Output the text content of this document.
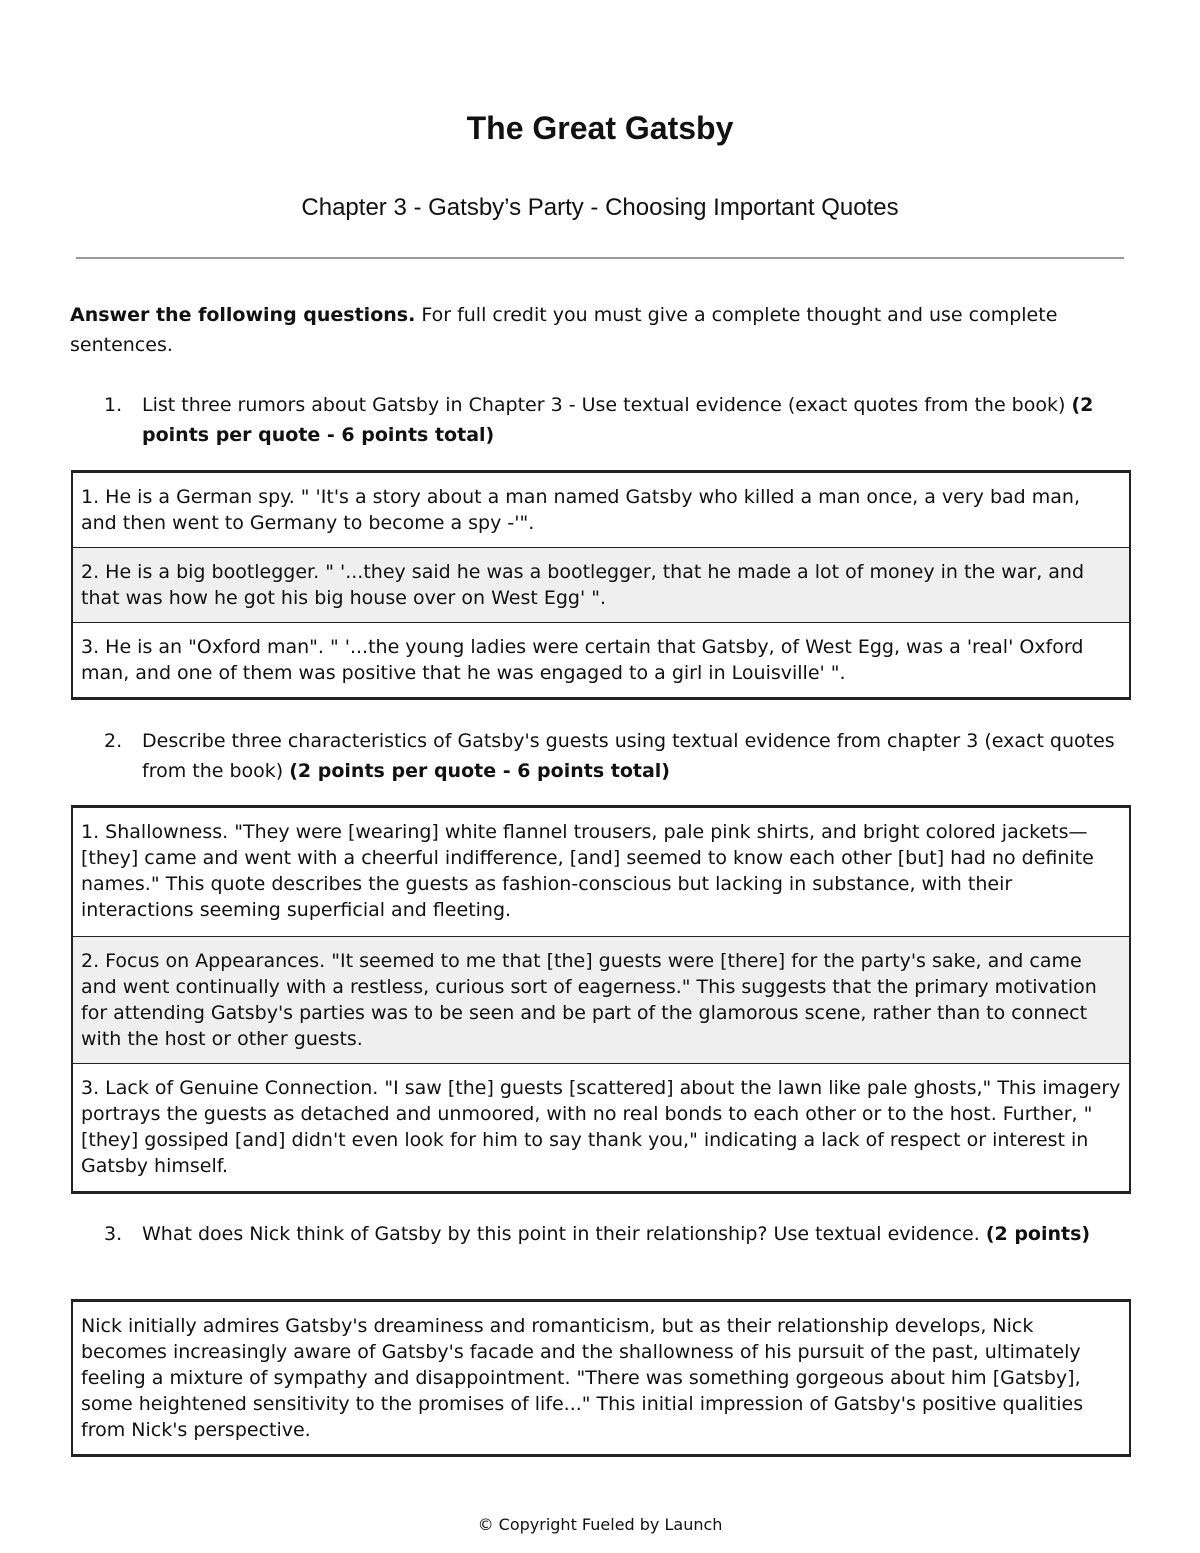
The Great Gatsby
Chapter 3 - Gatsby’s Party - Choosing Important Quotes
Answer the following questions. For full credit you must give a complete thought and use complete sentences.
1.	List three rumors about Gatsby in Chapter 3 - Use textual evidence (exact quotes from the book) (2 points per quote - 6 points total)
1. He is a German spy. " 'It's a story about a man named Gatsby who killed a man once, a very bad man, and then went to Germany to become a spy -'".
2. He is a big bootlegger. " '...they said he was a bootlegger, that he made a lot of money in the war, and that was how he got his big house over on West Egg' ".
3. He is an "Oxford man". " '...the young ladies were certain that Gatsby, of West Egg, was a 'real' Oxford man, and one of them was positive that he was engaged to a girl in Louisville' ".
2.	Describe three characteristics of Gatsby's guests using textual evidence from chapter 3 (exact quotes from the book) (2 points per quote - 6 points total)
1. Shallowness. "They were [wearing] white flannel trousers, pale pink shirts, and bright colored jackets—[they] came and went with a cheerful indifference, [and] seemed to know each other [but] had no definite names." This quote describes the guests as fashion-conscious but lacking in substance, with their interactions seeming superficial and fleeting.
2. Focus on Appearances. "It seemed to me that [the] guests were [there] for the party's sake, and came and went continually with a restless, curious sort of eagerness." This suggests that the primary motivation for attending Gatsby's parties was to be seen and be part of the glamorous scene, rather than to connect with the host or other guests.
3. Lack of Genuine Connection. "I saw [the] guests [scattered] about the lawn like pale ghosts," This imagery portrays the guests as detached and unmoored, with no real bonds to each other or to the host. Further, "[they] gossiped [and] didn't even look for him to say thank you," indicating a lack of respect or interest in Gatsby himself.
3.	What does Nick think of Gatsby by this point in their relationship? Use textual evidence. (2 points)
Nick initially admires Gatsby's dreaminess and romanticism, but as their relationship develops, Nick becomes increasingly aware of Gatsby's facade and the shallowness of his pursuit of the past, ultimately feeling a mixture of sympathy and disappointment. "There was something gorgeous about him [Gatsby], some heightened sensitivity to the promises of life..." This initial impression of Gatsby's positive qualities from Nick's perspective.
© Copyright Fueled by Launch
